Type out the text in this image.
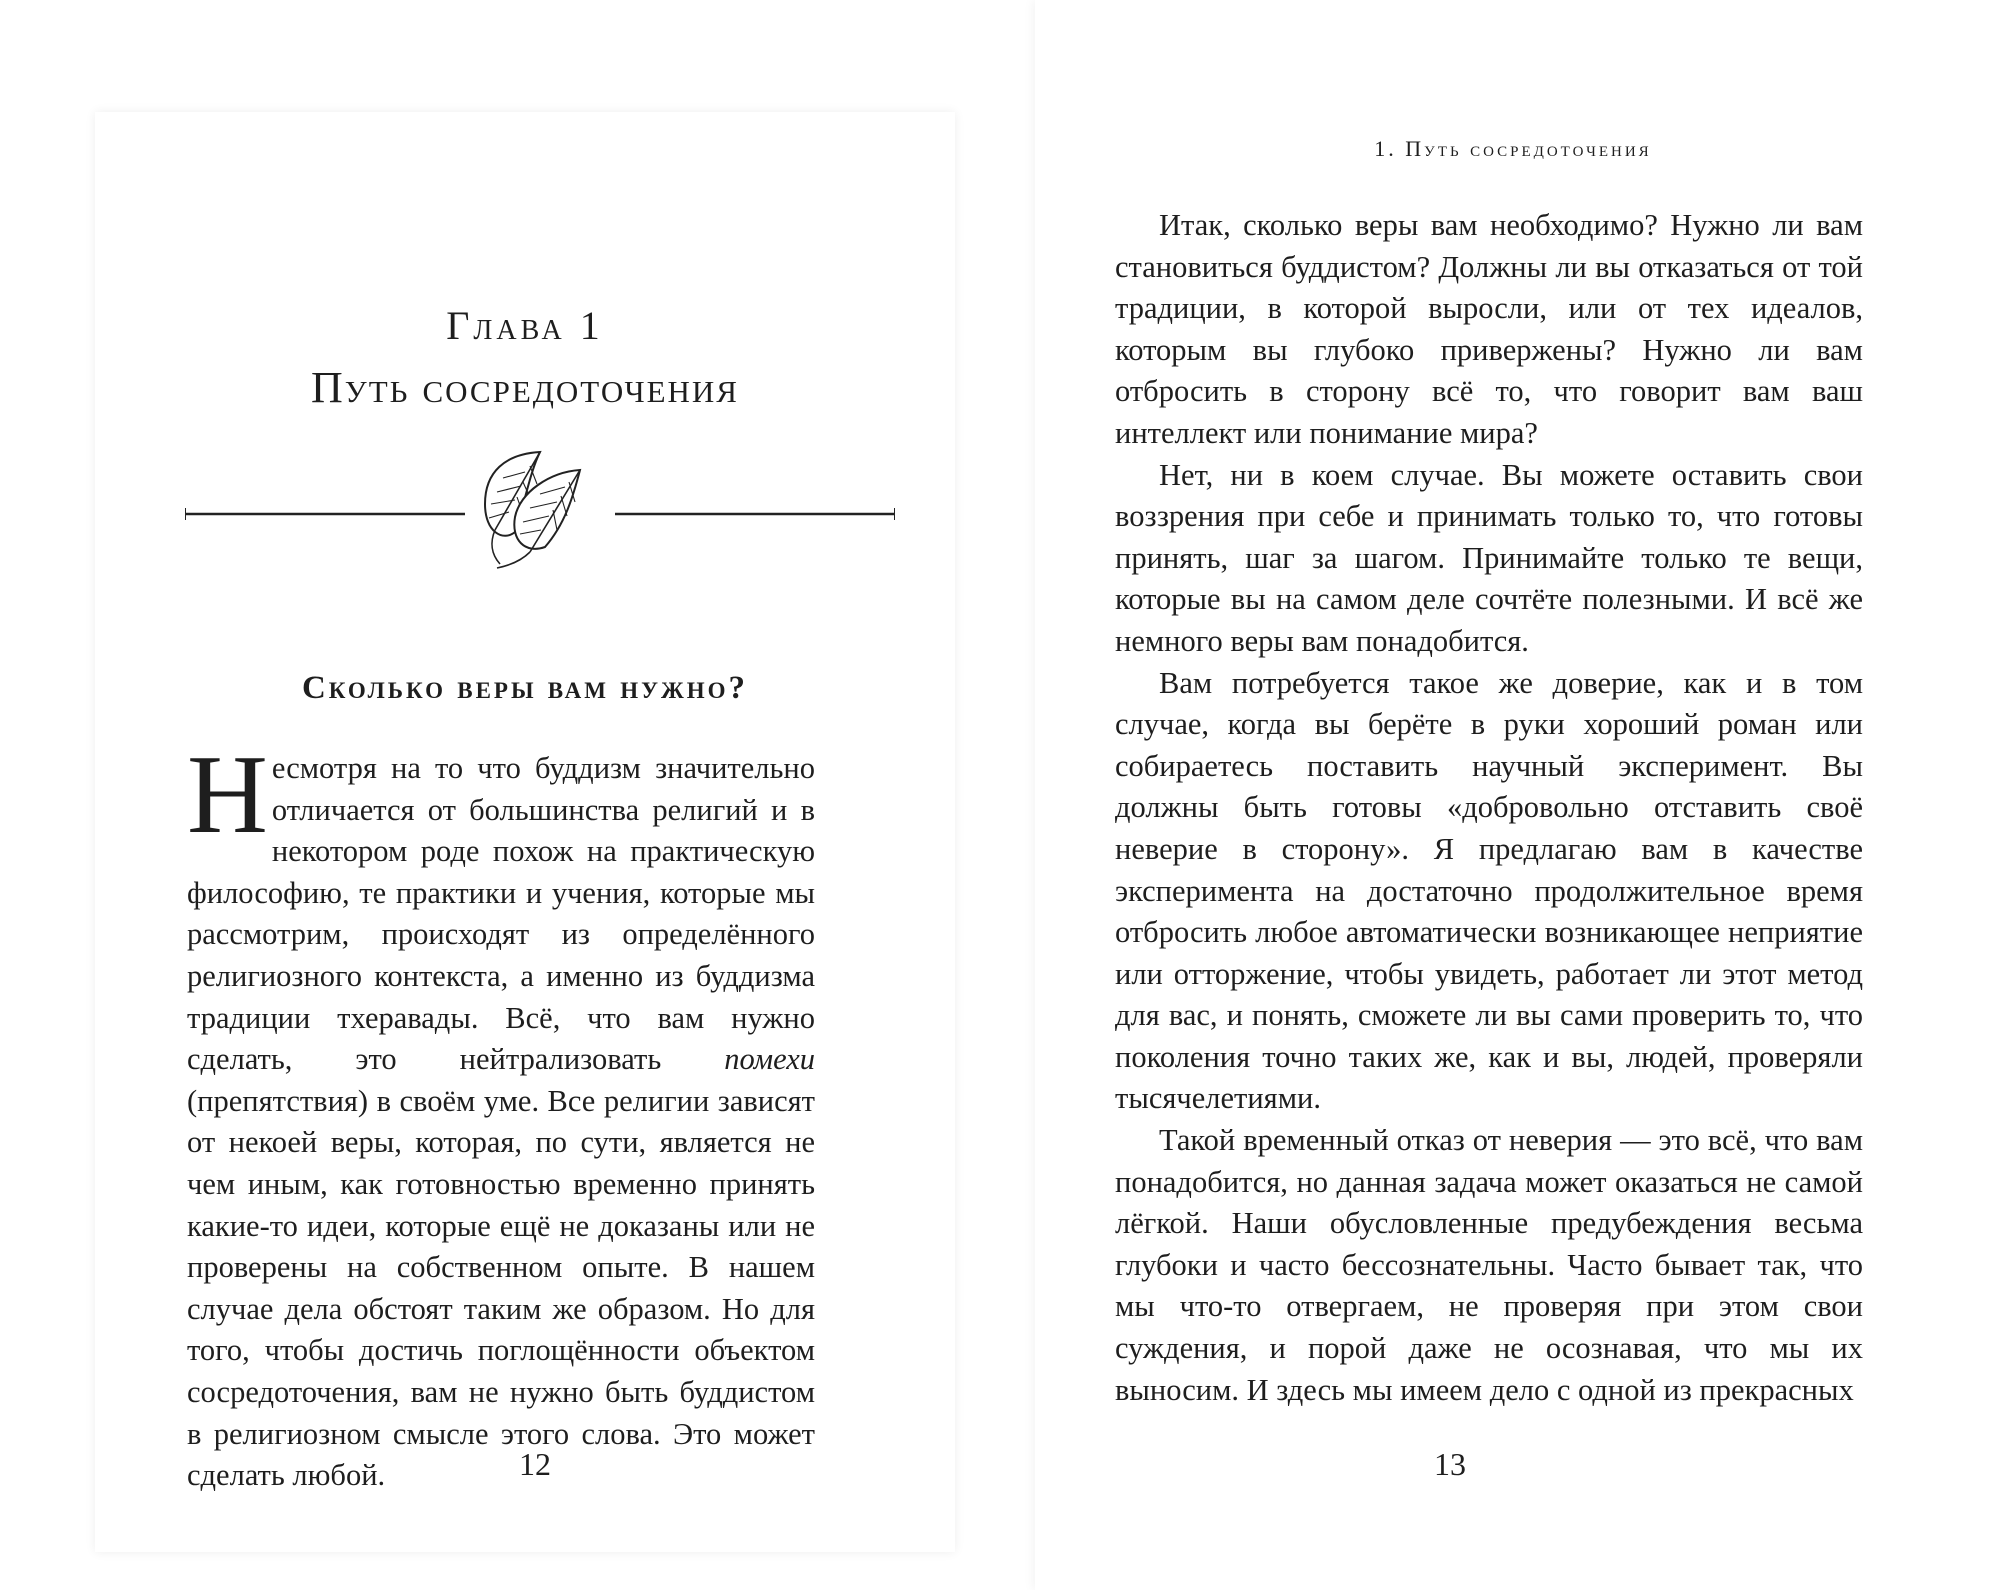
Глава 1
Путь сосредоточения
Сколько веры вам нужно?

Несмотря на то что буддизм значительно отличается от большинства религий и в некотором роде похож на практическую философию, те практики и учения, которые мы рассмотрим, происходят из определённого религиозного контекста, а именно из буддизма традиции тхеравады. Всё, что вам нужно сделать, это нейтрализовать помехи (препятствия) в своём уме. Все религии зависят от некоей веры, которая, по сути, является не чем иным, как готовностью временно принять какие-то идеи, которые ещё не доказаны или не проверены на собственном опыте. В нашем случае дела обстоят таким же образом. Но для того, чтобы достичь поглощённости объектом сосредоточения, вам не нужно быть буддистом в религиозном смысле этого слова. Это может сделать любой.	12
1. Путь сосредоточения

Итак, сколько веры вам необходимо? Нужно ли вам становиться буддистом? Должны ли вы отказаться от той традиции, в которой выросли, или от тех идеалов, которым вы глубоко привержены? Нужно ли вам отбросить в сторону всё то, что говорит вам ваш интеллект или понимание мира?

Нет, ни в коем случае. Вы можете оставить свои воззрения при себе и принимать только то, что готовы принять, шаг за шагом. Принимайте только те вещи, которые вы на самом деле сочтёте полезными. И всё же немного веры вам понадобится.

Вам потребуется такое же доверие, как и в том случае, когда вы берёте в руки хороший роман или собираетесь поставить научный эксперимент. Вы должны быть готовы «добровольно отставить своё неверие в сторону». Я предлагаю вам в качестве эксперимента на достаточно продолжительное время отбросить любое автоматически возникающее неприятие или отторжение, чтобы увидеть, работает ли этот метод для вас, и понять, сможете ли вы сами проверить то, что поколения точно таких же, как и вы, людей, проверяли тысячелетиями.

Такой временный отказ от неверия — это всё, что вам понадобится, но данная задача может оказаться не самой лёгкой. Наши обусловленные предубеждения весьма глубоки и часто бессознательны. Часто бывает так, что мы что-то отвергаем, не проверяя при этом свои суждения, и порой даже не осознавая, что мы их выносим. И здесь мы имеем дело с одной из прекрасных

13
